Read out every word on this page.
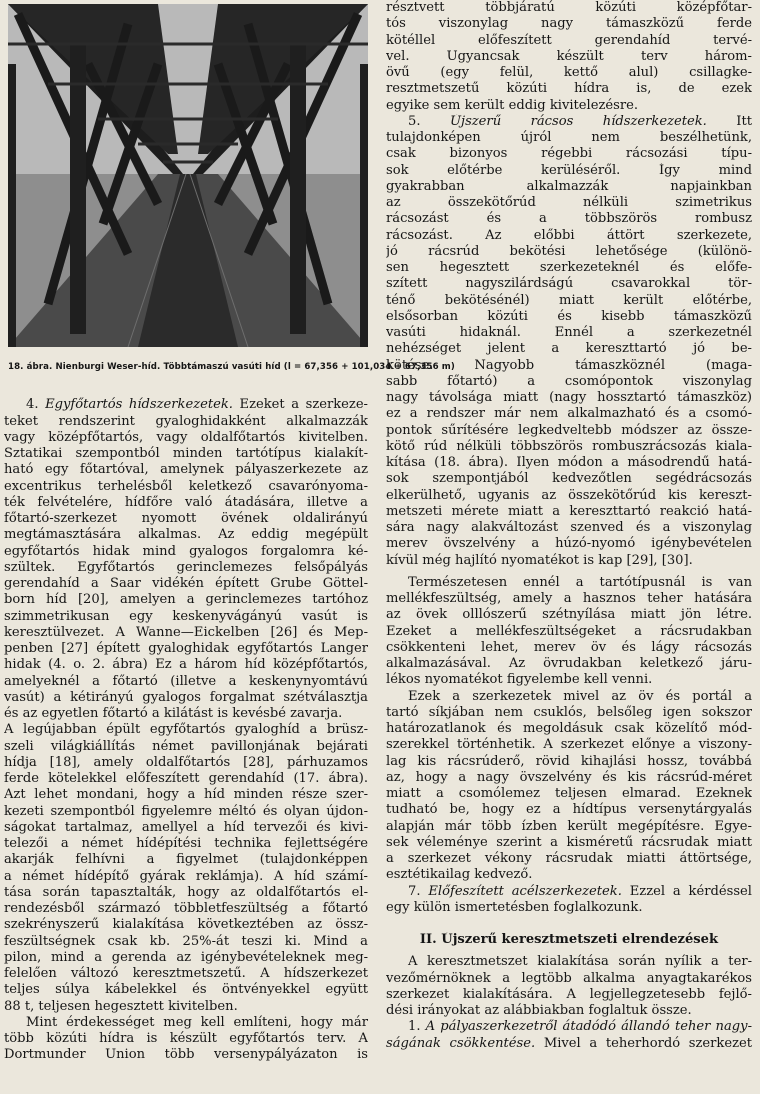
18. ábra. Nienburgi Weser-híd. Többtámaszú vasúti híd (l = 67,356 + 101,034 + 67,356 m)
4. Egyfőtartós hídszerkezetek. Ezeket a szerkeze-
teket rendszerint gyaloghidakként alkalmazzák
vagy középfőtartós, vagy oldalfőtartós kivitelben.
Sztatikai szempontból minden tartótípus kialakít-
ható egy főtartóval, amelynek pályaszerkezete az
excentrikus terhelésből keletkező csavarónyoma-
ték felvételére, hídfőre való átadására, illetve a
főtartó-szerkezet nyomott övének oldalirányú
megtámasztására alkalmas. Az eddig megépült
egyfőtartós hidak mind gyalogos forgalomra ké-
szültek. Egyfőtartós gerinclemezes felsőpályás
gerendahíd a Saar vidékén épített Grube Göttel-
born híd [20], amelyen a gerinclemezes tartóhoz
szimmetrikusan egy keskenyvágányú vasút is
keresztülvezet. A Wanne—Eickelben [26] és Mep-
penben [27] épített gyaloghidak egyfőtartós Langer
hidak (4. o. 2. ábra) Ez a három híd középfőtartós,
amelyeknél a főtartó (illetve a keskenynyomtávú
vasút) a kétirányú gyalogos forgalmat szétválasztja
és az egyetlen főtartó a kilátást is kevésbé zavarja.
A legújabban épült egyfőtartós gyaloghíd a brüsz-
szeli világkiállítás német pavillonjának bejárati
hídja [18], amely oldalfőtartós [28], párhuzamos
ferde kötelekkel előfeszített gerendahíd (17. ábra).
Azt lehet mondani, hogy a híd minden része szer-
kezeti szempontból figyelemre méltó és olyan újdon-
ságokat tartalmaz, amellyel a híd tervezői és kivi-
telezői a német hídépítési technika fejlettségére
akarják felhívni a figyelmet (tulajdonképpen
a német hídépítő gyárak reklámja). A híd számí-
tása során tapasztalták, hogy az oldalfőtartós el-
rendezésből származó többletfeszültség a főtartó
szekrényszerű kialakítása következtében az össz-
feszültségnek csak kb. 25%-át teszi ki. Mind a
pilon, mind a gerenda az igénybevételeknek meg-
felelően változó keresztmetszetű. A hídszerkezet
teljes súlya kábelekkel és öntvényekkel együtt
88 t, teljesen hegesztett kivitelben.
Mint érdekességet meg kell említeni, hogy már
több közúti hídra is készült egyfőtartós terv. A
Dortmunder Union több versenypályázaton is
résztvett többjáratú közúti középfőtar-
tós viszonylag nagy támaszközű ferde
kötéllel előfeszített gerendahíd tervé-
vel. Ugyancsak készült terv három-
övű (egy felül, kettő alul) csillagke-
resztmetszetű közúti hídra is, de ezek
egyike sem került eddig kivitelezésre.
5. Újszerű rácsos hídszerkezetek. Itt
tulajdonképen újról nem beszélhetünk,
csak bizonyos régebbi rácsozási típu-
sok előtérbe kerüléséről. Így mind
gyakrabban alkalmazzák napjainkban
az összekötőrúd nélküli szimetrikus
rácsozást és a többszörös rombusz
rácsozást. Az előbbi áttört szerkezete,
jó rácsrúd bekötési lehetősége (különö-
sen hegesztett szerkezeteknél és előfe-
szített nagyszilárdságú csavarokkal tör-
ténő bekötésénél) miatt került előtérbe,
elsősorban közúti és kisebb támaszközű
vasúti hidaknál. Ennél a szerkezetnél
nehézséget jelent a kereszttartó jó be-
kötése. Nagyobb támaszköznél (maga-
sabb főtartó) a csomópontok viszonylag
nagy távolsága miatt (nagy hossztartó támaszköz)
ez a rendszer már nem alkalmazható és a csomó-
pontok sűrítésére legkedveltebb módszer az össze-
kötő rúd nélküli többszörös rombuszrácsozás kiala-
kítása (18. ábra). Ilyen módon a másodrendű hatá-
sok szempontjából kedvezőtlen segédrácsozás
elkerülhető, ugyanis az összekötőrúd kis kereszt-
metszeti mérete miatt a kereszttartó reakció hatá-
sára nagy alakváltozást szenved és a viszonylag
merev övszelvény a húzó-nyomó igénybevételen
kívül még hajlító nyomatékot is kap [29], [30].
Természetesen ennél a tartótípusnál is van
mellékfeszültség, amely a hasznos teher hatására
az övek olllószerű szétnyílása miatt jön létre.
Ezeket a mellékfeszültségeket a rácsrudakban
csökkenteni lehet, merev öv és lágy rácsozás
alkalmazásával. Az övrudakban keletkező járu-
lékos nyomatékot figyelembe kell venni.
Ezek a szerkezetek mivel az öv és portál a
tartó síkjában nem csuklós, belsőleg igen sokszor
határozatlanok és megoldásuk csak közelítő mód-
szerekkel történhetik. A szerkezet előnye a viszony-
lag kis rácsrúderő, rövid kihajlási hossz, továbbá
az, hogy a nagy övszelvény és kis rácsrúd-méret
miatt a csomólemez teljesen elmarad. Ezeknek
tudható be, hogy ez a hídtípus versenytárgyalás
alapján már több ízben került megépítésre. Egye-
sek véleménye szerint a kisméretű rácsrudak miatt
a szerkezet vékony rácsrudak miatti áttörtsége,
esztétikailag kedvező.
7. Előfeszített acélszerkezetek. Ezzel a kérdéssel
egy külön ismertetésben foglalkozunk.
II. Újszerű keresztmetszeti elrendezések
A keresztmetszet kialakítása során nyílik a ter-
vezőmérnöknek a legtöbb alkalma anyagtakarékos
szerkezet kialakítására. A legjellegzetesebb fejlő-
dési irányokat az alábbiakban foglaltuk össze.
1. A pályaszerkezetről átadódó állandó teher nagy-
ságának csökkentése. Mivel a teherhordó szerkezet
